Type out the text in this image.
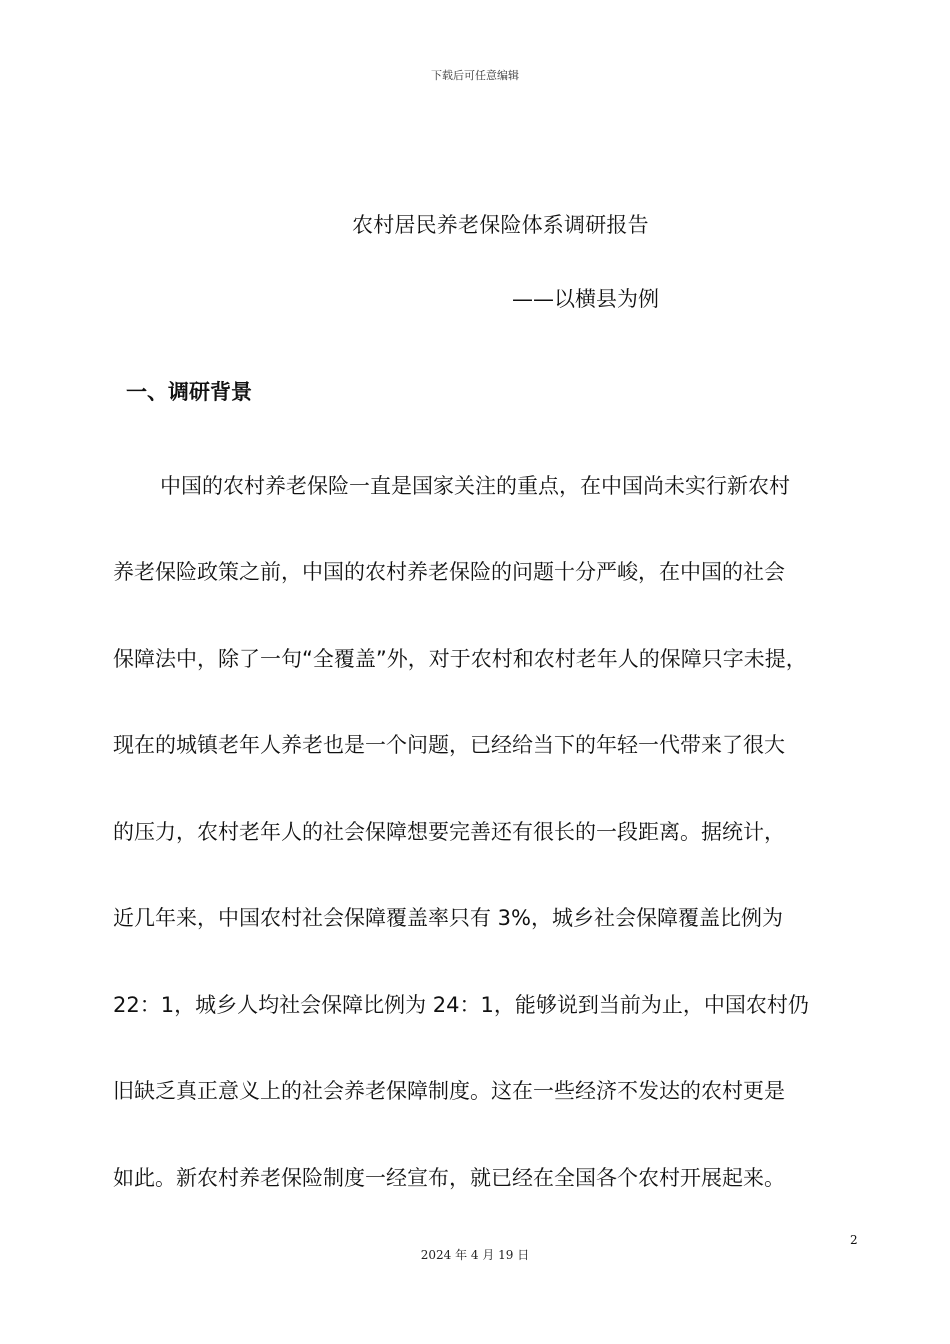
下载后可任意编辑
农村居民养老保险体系调研报告
——以横县为例
一、调研背景
中国的农村养老保险一直是国家关注的重点，在中国尚未实行新农村
养老保险政策之前，中国的农村养老保险的问题十分严峻，在中国的社会
保障法中，除了一句“全覆盖”外，对于农村和农村老年人的保障只字未提，
现在的城镇老年人养老也是一个问题，已经给当下的年轻一代带来了很大
的压力，农村老年人的社会保障想要完善还有很长的一段距离。据统计，
近几年来，中国农村社会保障覆盖率只有 3%，城乡社会保障覆盖比例为
22：1，城乡人均社会保障比例为 24：1，能够说到当前为止，中国农村仍
旧缺乏真正意义上的社会养老保障制度。这在一些经济不发达的农村更是
如此。新农村养老保险制度一经宣布，就已经在全国各个农村开展起来。
2
2024 年 4 月 19 日
